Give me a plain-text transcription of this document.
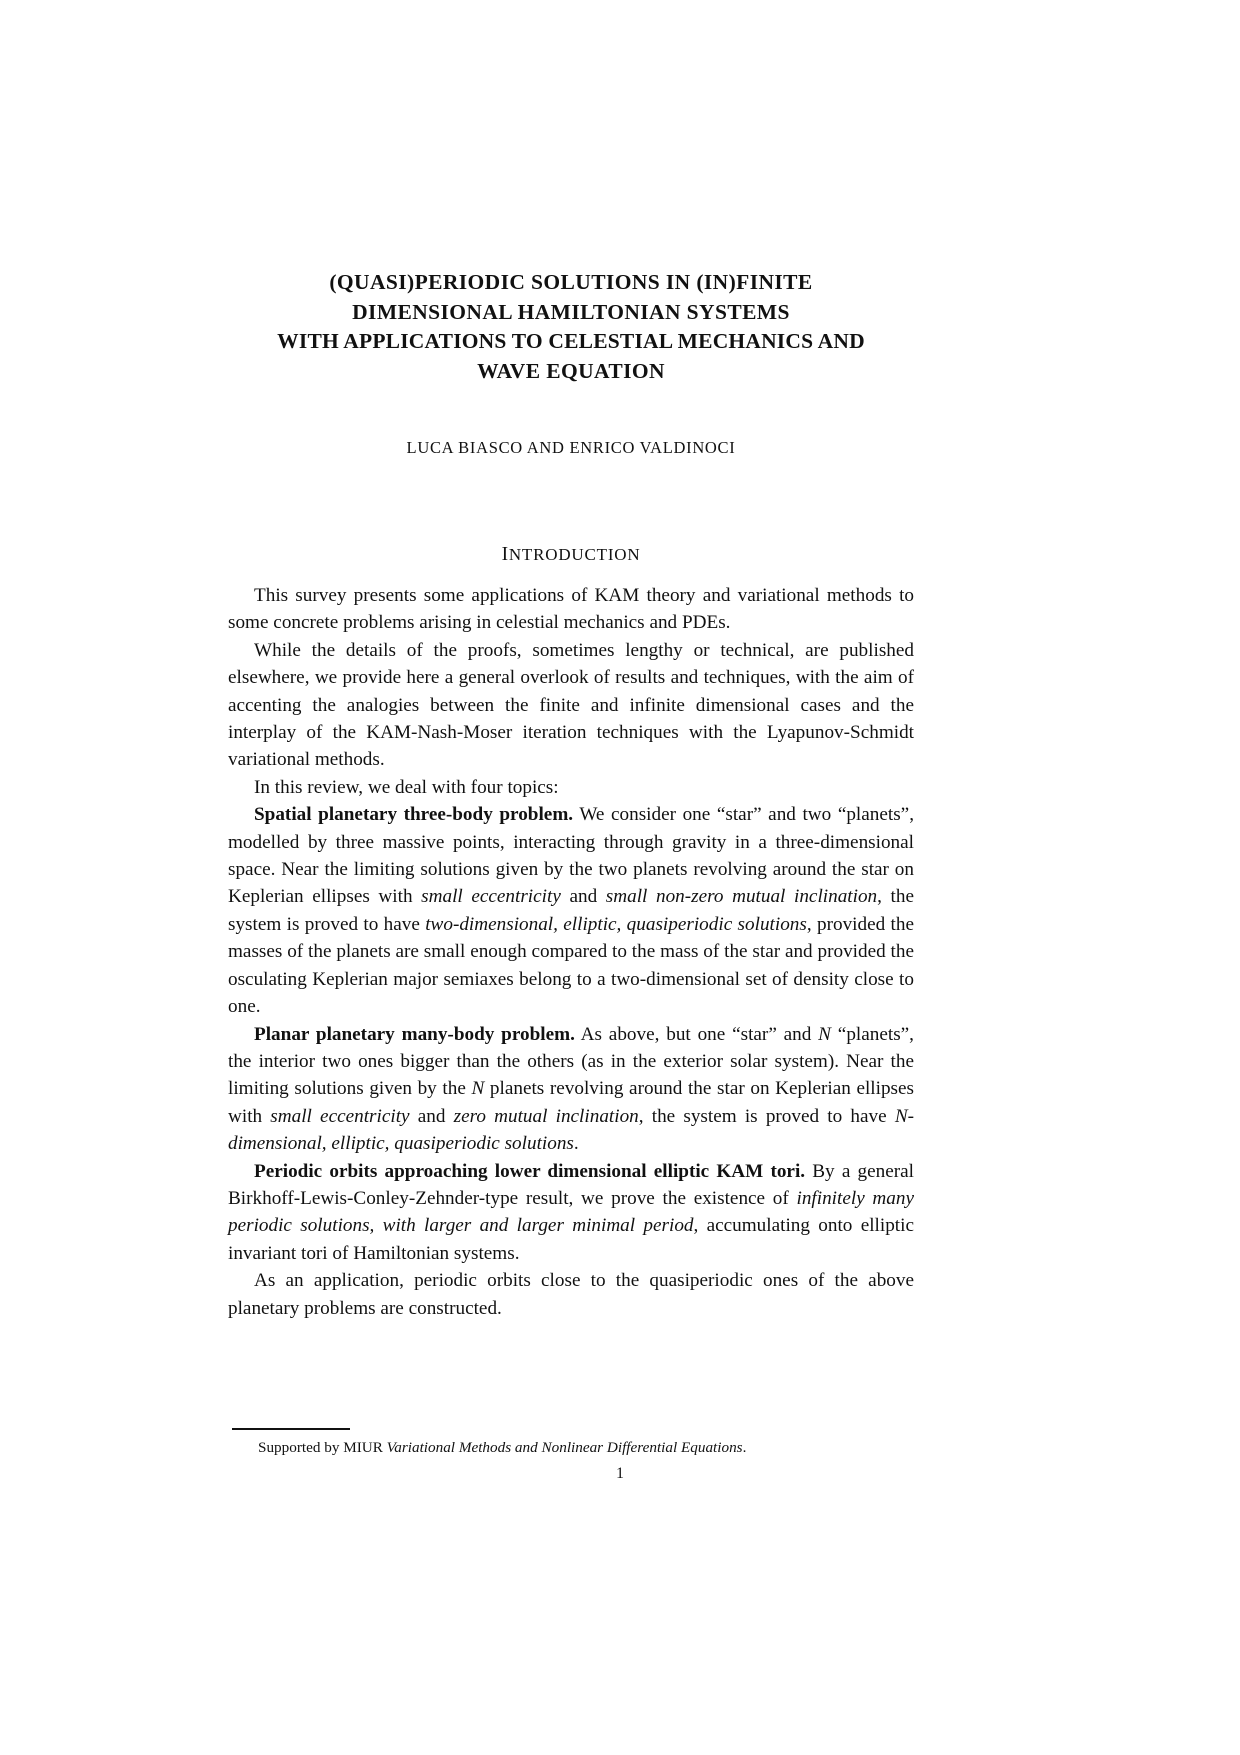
(QUASI)PERIODIC SOLUTIONS IN (IN)FINITE
DIMENSIONAL HAMILTONIAN SYSTEMS
WITH APPLICATIONS TO CELESTIAL MECHANICS AND
WAVE EQUATION
LUCA BIASCO AND ENRICO VALDINOCI
INTRODUCTION

This survey presents some applications of KAM theory and variational methods to some concrete problems arising in celestial mechanics and PDEs.

While the details of the proofs, sometimes lengthy or technical, are published elsewhere, we provide here a general overlook of results and techniques, with the aim of accenting the analogies between the finite and infinite dimensional cases and the interplay of the KAM-Nash-Moser iteration techniques with the Lyapunov-Schmidt variational methods.

In this review, we deal with four topics:

Spatial planetary three-body problem. We consider one “star” and two “planets”, modelled by three massive points, interacting through gravity in a three-dimensional space. Near the limiting solutions given by the two planets revolving around the star on Keplerian ellipses with small eccentricity and small non-zero mutual inclination, the system is proved to have two-dimensional, elliptic, quasiperiodic solutions, provided the masses of the planets are small enough compared to the mass of the star and provided the osculating Keplerian major semiaxes belong to a two-dimensional set of density close to one.

Planar planetary many-body problem. As above, but one “star” and N “planets”, the interior two ones bigger than the others (as in the exterior solar system). Near the limiting solutions given by the N planets revolving around the star on Keplerian ellipses with small eccentricity and zero mutual inclination, the system is proved to have N-dimensional, elliptic, quasiperiodic solutions.

Periodic orbits approaching lower dimensional elliptic KAM tori. By a general Birkhoff-Lewis-Conley-Zehnder-type result, we prove the existence of infinitely many periodic solutions, with larger and larger minimal period, accumulating onto elliptic invariant tori of Hamiltonian systems.

As an application, periodic orbits close to the quasiperiodic ones of the above planetary problems are constructed.

Supported by MIUR Variational Methods and Nonlinear Differential Equations.
1
